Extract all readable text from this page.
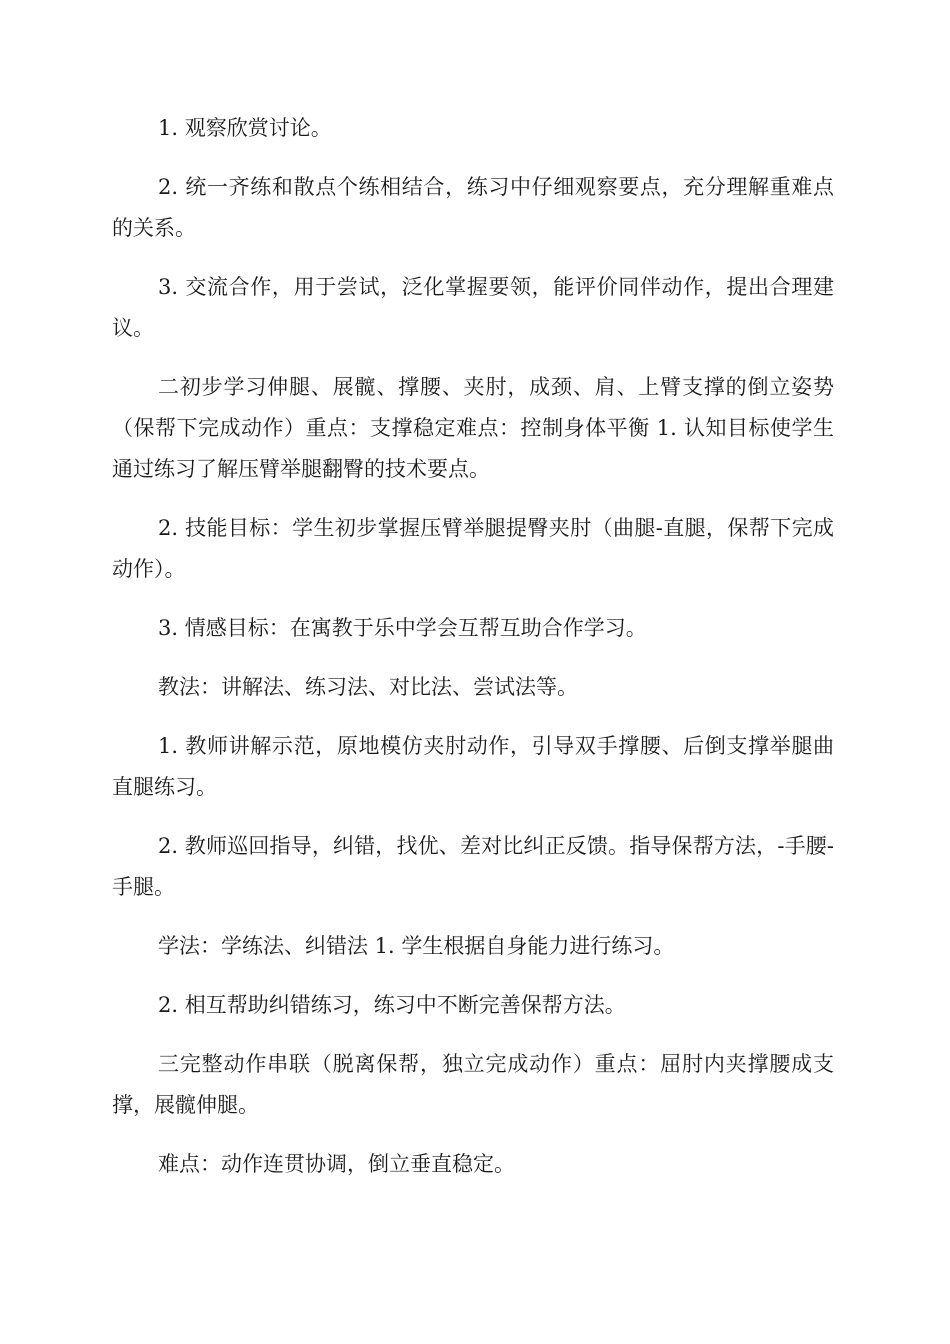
1. 观察欣赏讨论。

2. 统一齐练和散点个练相结合，练习中仔细观察要点，充分理解重难点的关系。

3. 交流合作，用于尝试，泛化掌握要领，能评价同伴动作，提出合理建议。

二初步学习伸腿、展髋、撑腰、夹肘，成颈、肩、上臂支撑的倒立姿势（保帮下完成动作）重点：支撑稳定难点：控制身体平衡 1. 认知目标使学生通过练习了解压臂举腿翻臀的技术要点。

2. 技能目标：学生初步掌握压臂举腿提臀夹肘（曲腿-直腿，保帮下完成动作）。

3. 情感目标：在寓教于乐中学会互帮互助合作学习。

教法：讲解法、练习法、对比法、尝试法等。

1. 教师讲解示范，原地模仿夹肘动作，引导双手撑腰、后倒支撑举腿曲直腿练习。

2. 教师巡回指导，纠错，找优、差对比纠正反馈。指导保帮方法，-手腰-手腿。

学法：学练法、纠错法 1. 学生根据自身能力进行练习。

2. 相互帮助纠错练习，练习中不断完善保帮方法。

三完整动作串联（脱离保帮，独立完成动作）重点：屈肘内夹撑腰成支撑，展髋伸腿。

难点：动作连贯协调，倒立垂直稳定。
